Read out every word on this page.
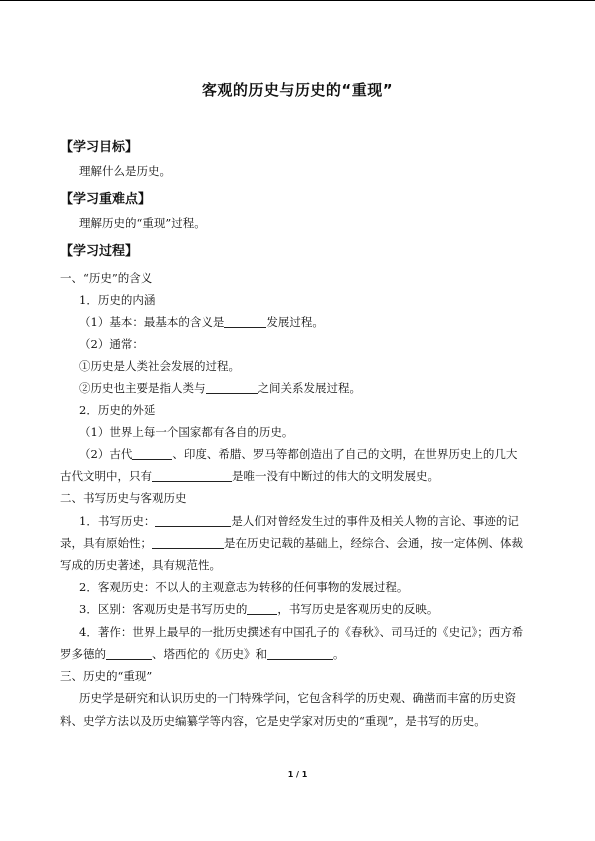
客观的历史与历史的“重现”
【学习目标】
理解什么是历史。
【学习重难点】
理解历史的“重现”过程。
【学习过程】
一、“历史”的含义
1．历史的内涵
（1）基本：最基本的含义是	发展过程。
（2）通常：
①历史是人类社会发展的过程。
②历史也主要是指人类与	之间关系发展过程。
2．历史的外延
（1）世界上每一个国家都有各自的历史。
（2）古代	、印度、希腊、罗马等都创造出了自己的文明，在世界历史上的几大
古代文明中，只有	是唯一没有中断过的伟大的文明发展史。
二、书写历史与客观历史
1．书写历史：	是人们对曾经发生过的事件及相关人物的言论、事迹的记
录，具有原始性；	是在历史记载的基础上，经综合、会通，按一定体例、体裁
写成的历史著述，具有规范性。
2．客观历史：不以人的主观意志为转移的任何事物的发展过程。
3．区别：客观历史是书写历史的	，书写历史是客观历史的反映。
4．著作：世界上最早的一批历史撰述有中国孔子的《春秋》、司马迁的《史记》；西方希
罗多德的	、塔西佗的《历史》和	。
三、历史的“重现”
历史学是研究和认识历史的一门特殊学问，它包含科学的历史观、确凿而丰富的历史资
料、史学方法以及历史编纂学等内容，它是史学家对历史的“重现”，是书写的历史。
1 / 1
